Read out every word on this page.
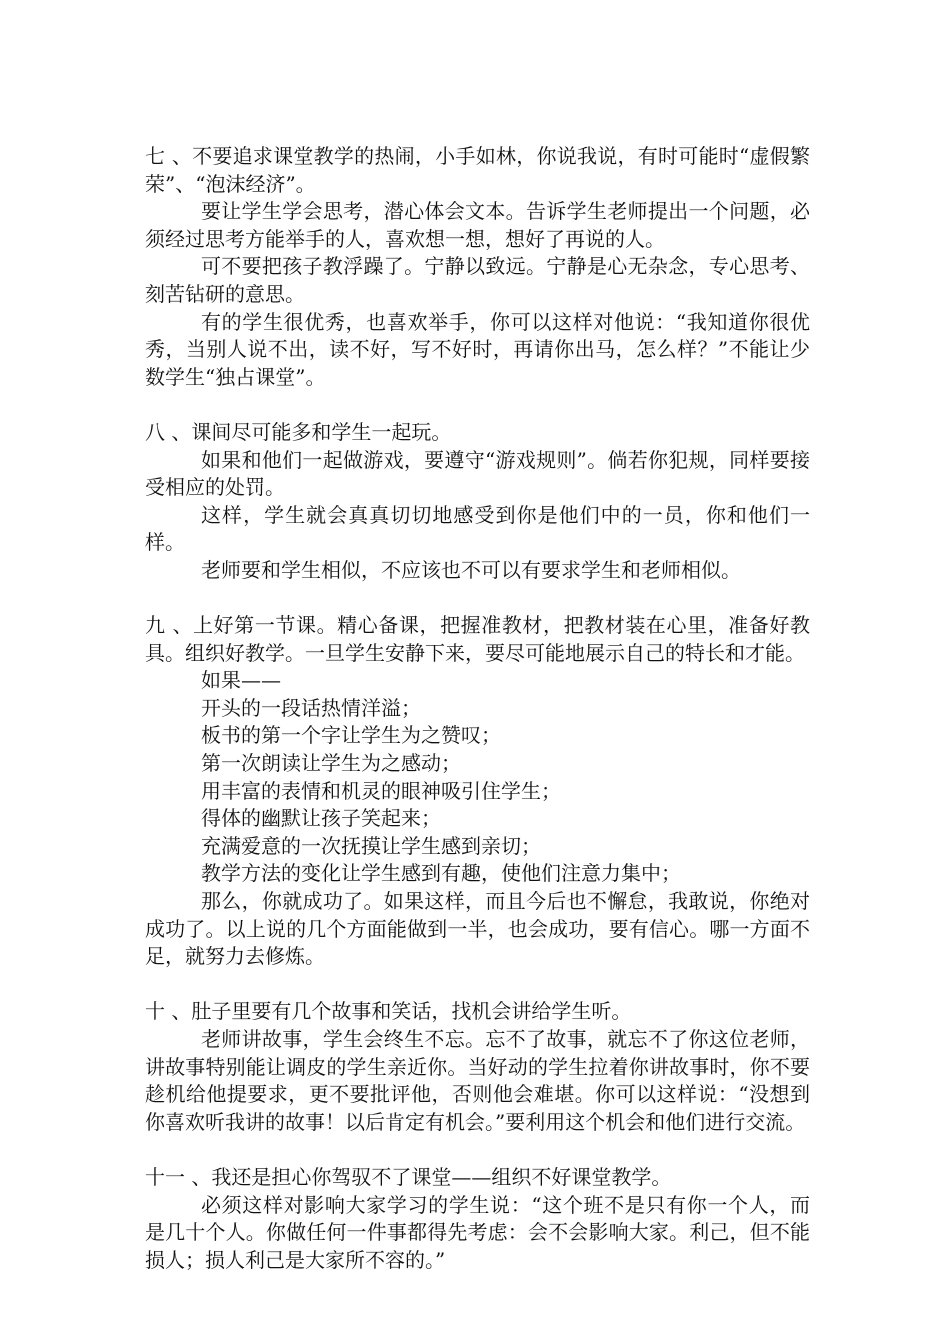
七 、不要追求课堂教学的热闹，小手如林，你说我说，有时可能时“虚假繁荣”、“泡沫经济”。

要让学生学会思考，潜心体会文本。告诉学生老师提出一个问题，必须经过思考方能举手的人，喜欢想一想，想好了再说的人。

可不要把孩子教浮躁了。宁静以致远。宁静是心无杂念，专心思考、刻苦钻研的意思。

有的学生很优秀，也喜欢举手，你可以这样对他说：“我知道你很优秀，当别人说不出，读不好，写不好时，再请你出马，怎么样？”不能让少数学生“独占课堂”。

八 、课间尽可能多和学生一起玩。

如果和他们一起做游戏，要遵守“游戏规则”。倘若你犯规，同样要接受相应的处罚。

这样，学生就会真真切切地感受到你是他们中的一员，你和他们一样。

老师要和学生相似，不应该也不可以有要求学生和老师相似。

九 、上好第一节课。精心备课，把握准教材，把教材装在心里，准备好教具。组织好教学。一旦学生安静下来，要尽可能地展示自己的特长和才能。

如果——

开头的一段话热情洋溢；

板书的第一个字让学生为之赞叹；

第一次朗读让学生为之感动；

用丰富的表情和机灵的眼神吸引住学生；

得体的幽默让孩子笑起来；

充满爱意的一次抚摸让学生感到亲切；

教学方法的变化让学生感到有趣，使他们注意力集中；

那么，你就成功了。如果这样，而且今后也不懈怠，我敢说，你绝对成功了。以上说的几个方面能做到一半，也会成功，要有信心。哪一方面不足，就努力去修炼。

十 、肚子里要有几个故事和笑话，找机会讲给学生听。

老师讲故事，学生会终生不忘。忘不了故事，就忘不了你这位老师，讲故事特别能让调皮的学生亲近你。当好动的学生拉着你讲故事时，你不要趁机给他提要求，更不要批评他，否则他会难堪。你可以这样说：“没想到你喜欢听我讲的故事！以后肯定有机会。”要利用这个机会和他们进行交流。

十一 、我还是担心你驾驭不了课堂——组织不好课堂教学。

必须这样对影响大家学习的学生说：“这个班不是只有你一个人，而是几十个人。你做任何一件事都得先考虑：会不会影响大家。利己，但不能损人；损人利己是大家所不容的。”
